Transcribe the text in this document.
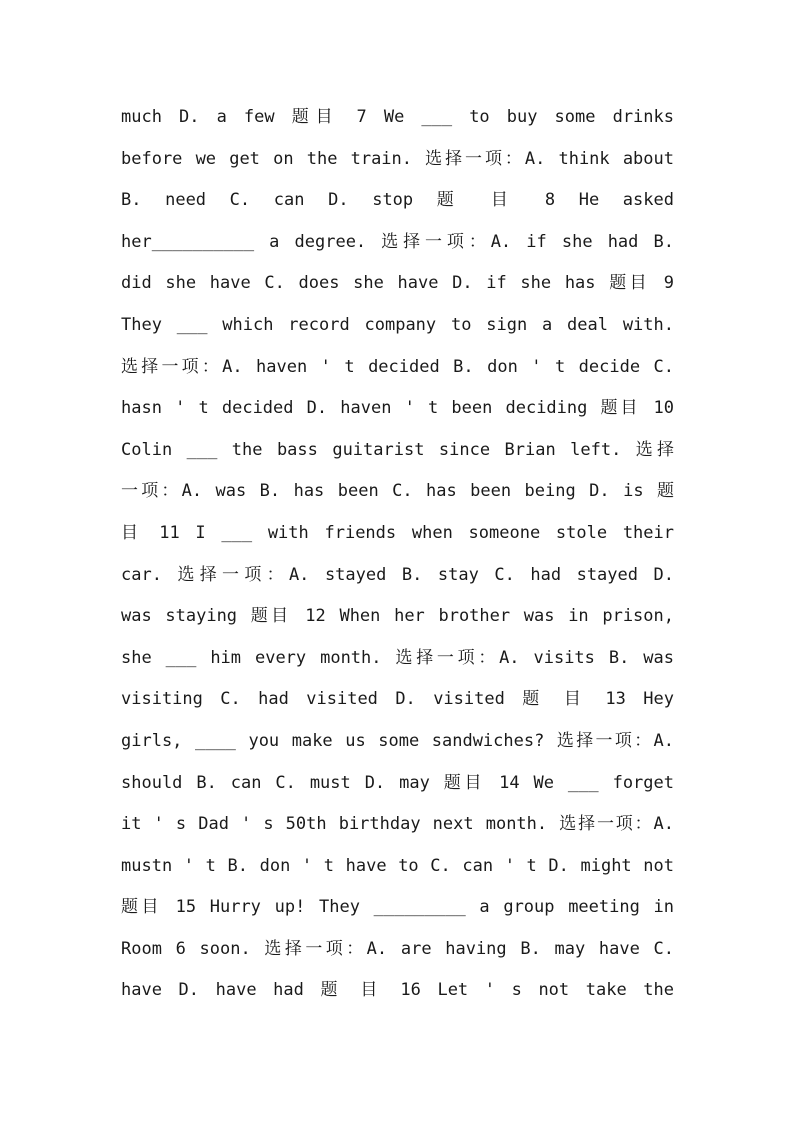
much D. a few 题目 7 We ___ to buy some drinks
before we get on the train. 选择一项：A. think about
B. need C. can D. stop 题 目 8 He asked
her__________ a degree. 选择一项：A. if she had B.
did she have C. does she have D. if she has 题目 9
They ___ which record company to sign a deal with.
选择一项：A. haven ' t decided B. don ' t decide C.
hasn ' t decided D. haven ' t been deciding 题目 10
Colin ___ the bass guitarist since Brian left. 选择
一项：A. was B. has been C. has been being D. is 题
目 11 I ___ with friends when someone stole their
car. 选择一项：A. stayed B. stay C. had stayed D.
was staying 题目 12 When her brother was in prison,
she ___ him every month. 选择一项：A. visits B. was
visiting C. had visited D. visited 题 目 13 Hey
girls, ____ you make us some sandwiches? 选择一项：A.
should B. can C. must D. may 题目 14 We ___ forget
it ' s Dad ' s 50th birthday next month. 选择一项：A.
mustn ' t B. don ' t have to C. can ' t D. might not
题目 15 Hurry up! They _________ a group meeting in
Room 6 soon. 选择一项：A. are having B. may have C.
have D. have had 题 目 16 Let ' s not take the
